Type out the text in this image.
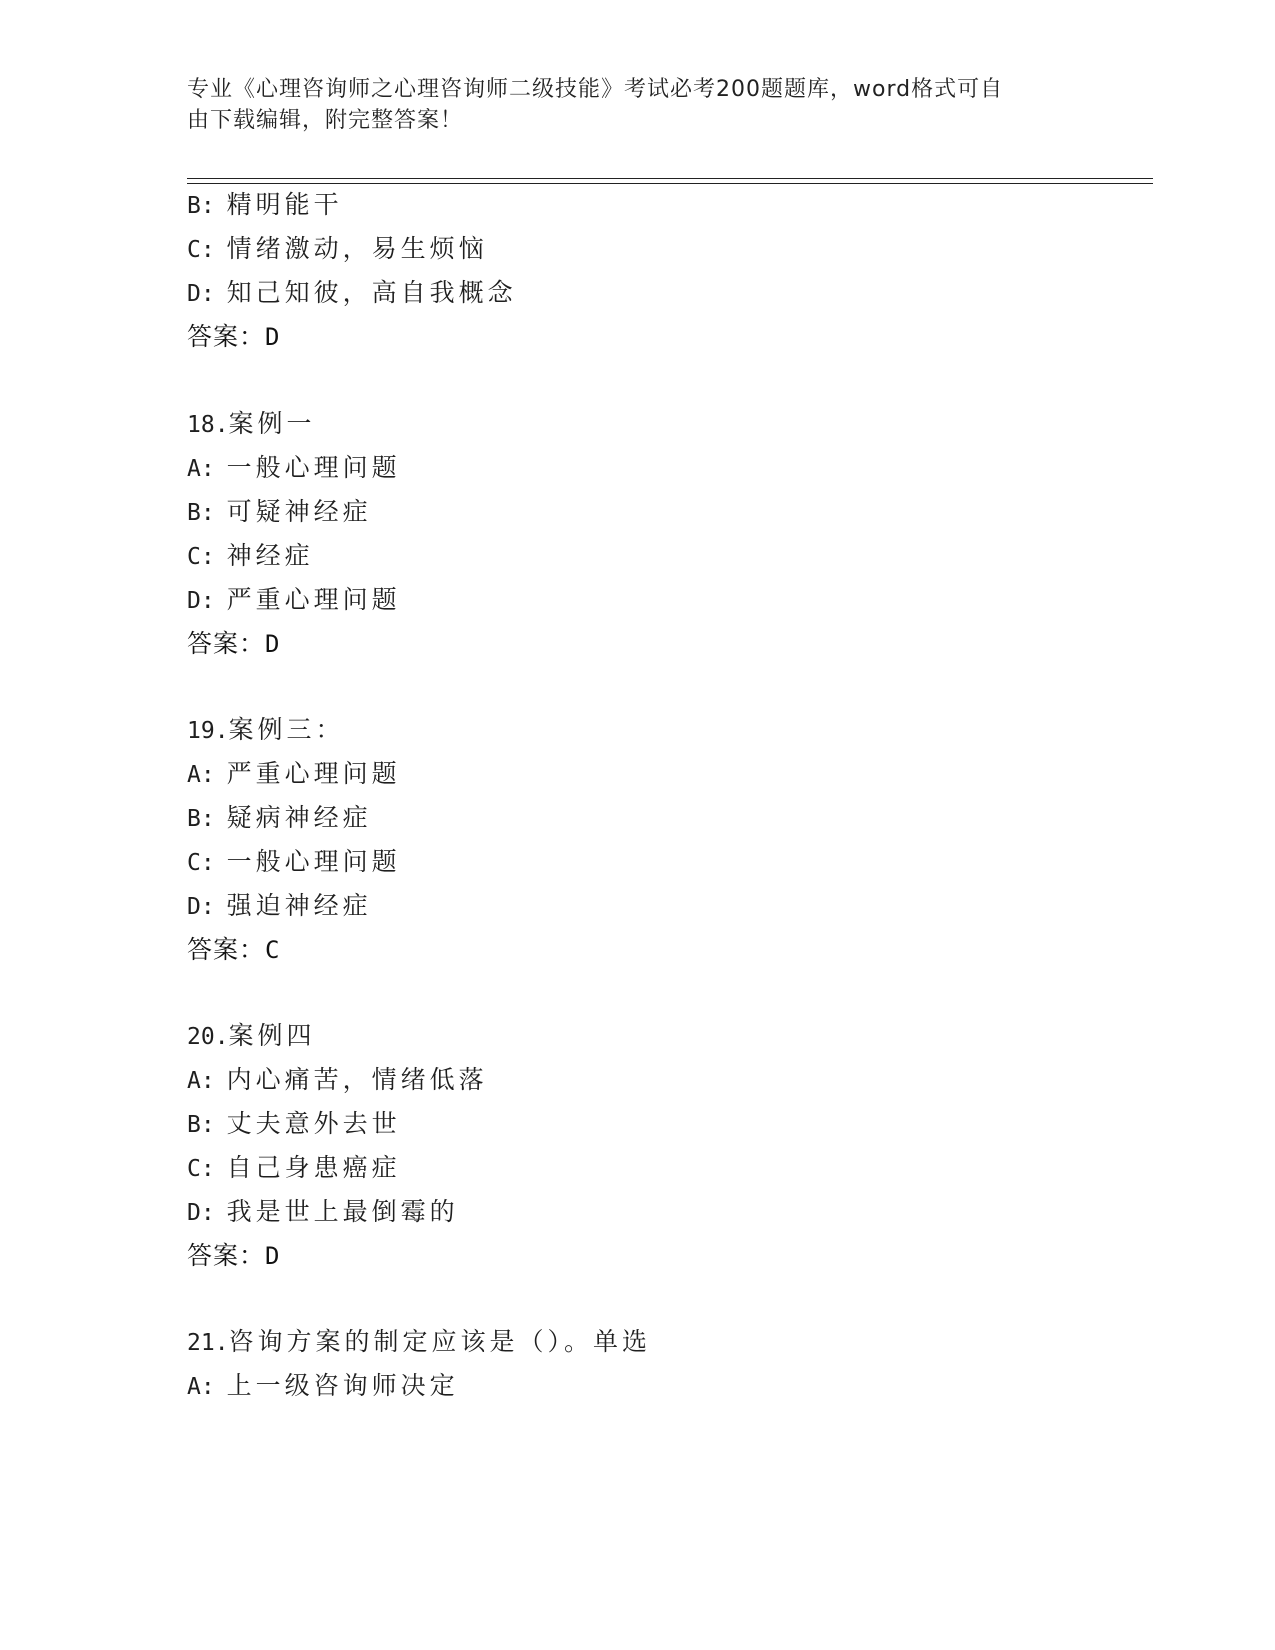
专业《心理咨询师之心理咨询师二级技能》考试必考200题题库，word格式可自
由下载编辑，附完整答案！
B: 精明能干
C: 情绪激动，易生烦恼
D: 知己知彼，高自我概念
答案：D
18.案例一
A: 一般心理问题
B: 可疑神经症
C: 神经症
D: 严重心理问题
答案：D
19.案例三：
A: 严重心理问题
B: 疑病神经症
C: 一般心理问题
D: 强迫神经症
答案：C
20.案例四
A: 内心痛苦，情绪低落
B: 丈夫意外去世
C: 自己身患癌症
D: 我是世上最倒霉的
答案：D
21.咨询方案的制定应该是（）。单选
A: 上一级咨询师决定
